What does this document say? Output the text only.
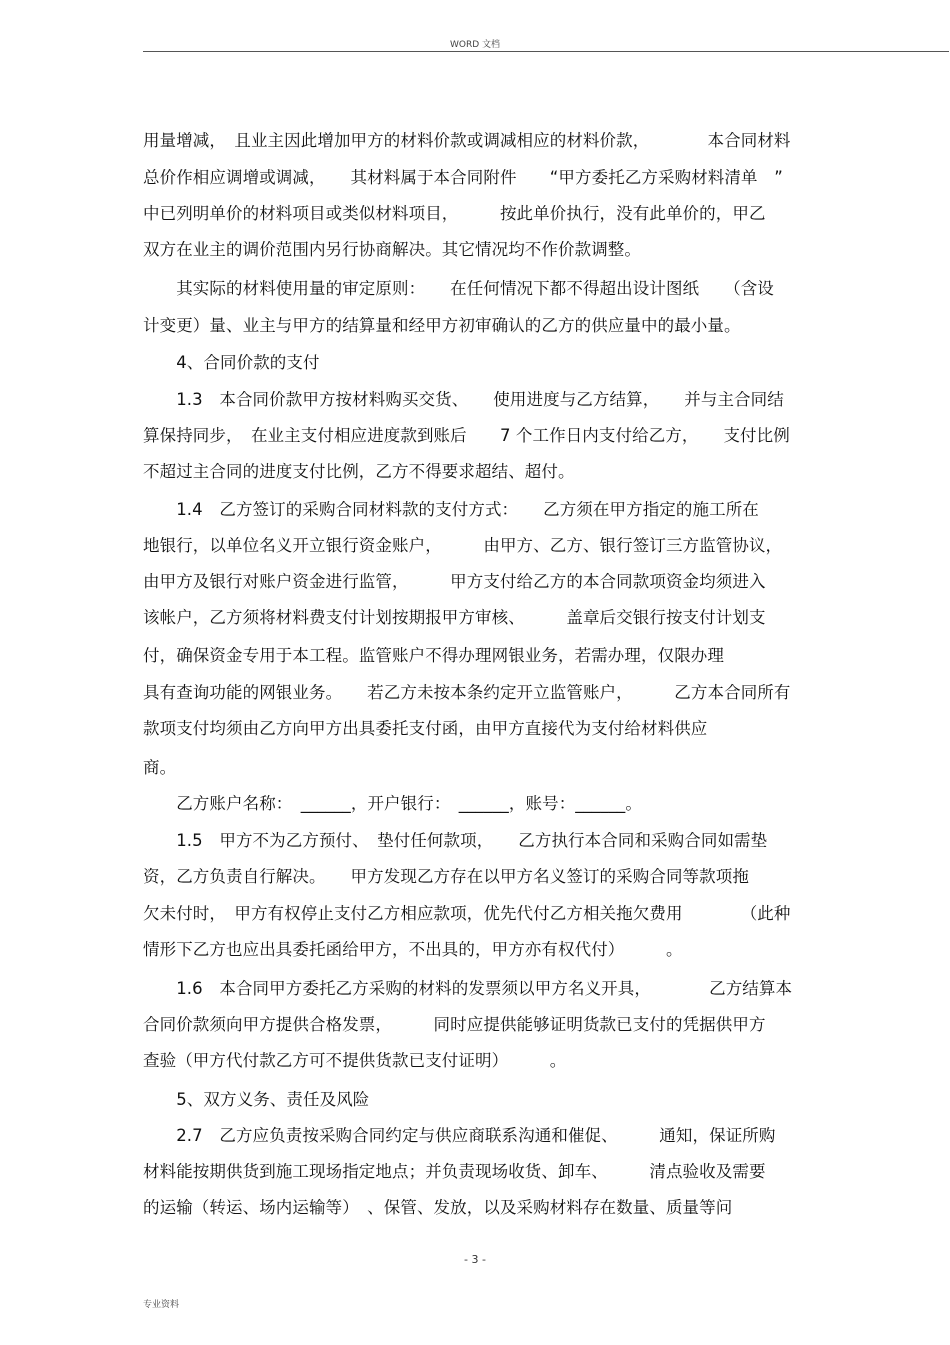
WORD 文档
用量增减，　且业主因此增加甲方的材料价款或调减相应的材料价款，　　　　本合同材料
总价作相应调增或调减，　　其材料属于本合同附件　　“甲方委托乙方采购材料清单　”
中已列明单价的材料项目或类似材料项目，　　　按此单价执行，没有此单价的，甲乙
双方在业主的调价范围内另行协商解决。其它情况均不作价款调整。
　　其实际的材料使用量的审定原则：　　在任何情况下都不得超出设计图纸　　（含设
计变更）量、业主与甲方的结算量和经甲方初审确认的乙方的供应量中的最小量。
　　4、合同价款的支付
　　1.3　本合同价款甲方按材料购买交货、　　使用进度与乙方结算，　　并与主合同结
算保持同步，　在业主支付相应进度款到账后　　7 个工作日内支付给乙方，　　支付比例
不超过主合同的进度支付比例，乙方不得要求超结、超付。
　　1.4　乙方签订的采购合同材料款的支付方式：　　乙方须在甲方指定的施工所在
地银行，以单位名义开立银行资金账户，　　　由甲方、乙方、银行签订三方监管协议，
由甲方及银行对账户资金进行监管，　　　甲方支付给乙方的本合同款项资金均须进入
该帐户，乙方须将材料费支付计划按期报甲方审核、　　　盖章后交银行按支付计划支
付，确保资金专用于本工程。监管账户不得办理网银业务，若需办理，仅限办理
具有查询功能的网银业务。　　若乙方未按本条约定开立监管账户，　　　乙方本合同所有
款项支付均须由乙方向甲方出具委托支付函，由甲方直接代为支付给材料供应
商。
　　乙方账户名称：　______，开户银行：　______，账号：______。
　　1.5　甲方不为乙方预付、　垫付任何款项，　　乙方执行本合同和采购合同如需垫
资，乙方负责自行解决。　　甲方发现乙方存在以甲方名义签订的采购合同等款项拖
欠未付时，　甲方有权停止支付乙方相应款项，优先代付乙方相关拖欠费用　　　　（此种
情形下乙方也应出具委托函给甲方，不出具的，甲方亦有权代付）　　　。
　　1.6　本合同甲方委托乙方采购的材料的发票须以甲方名义开具，　　　　乙方结算本
合同价款须向甲方提供合格发票，　　　同时应提供能够证明货款已支付的凭据供甲方
查验（甲方代付款乙方可不提供货款已支付证明）　　　。
　　5、双方义务、责任及风险
　　2.7　乙方应负责按采购合同约定与供应商联系沟通和催促、　　　通知，保证所购
材料能按期供货到施工现场指定地点；并负责现场收货、卸车、　　　清点验收及需要
的运输（转运、场内运输等）　、保管、发放，以及采购材料存在数量、质量等问
- 3 -
专业资料
